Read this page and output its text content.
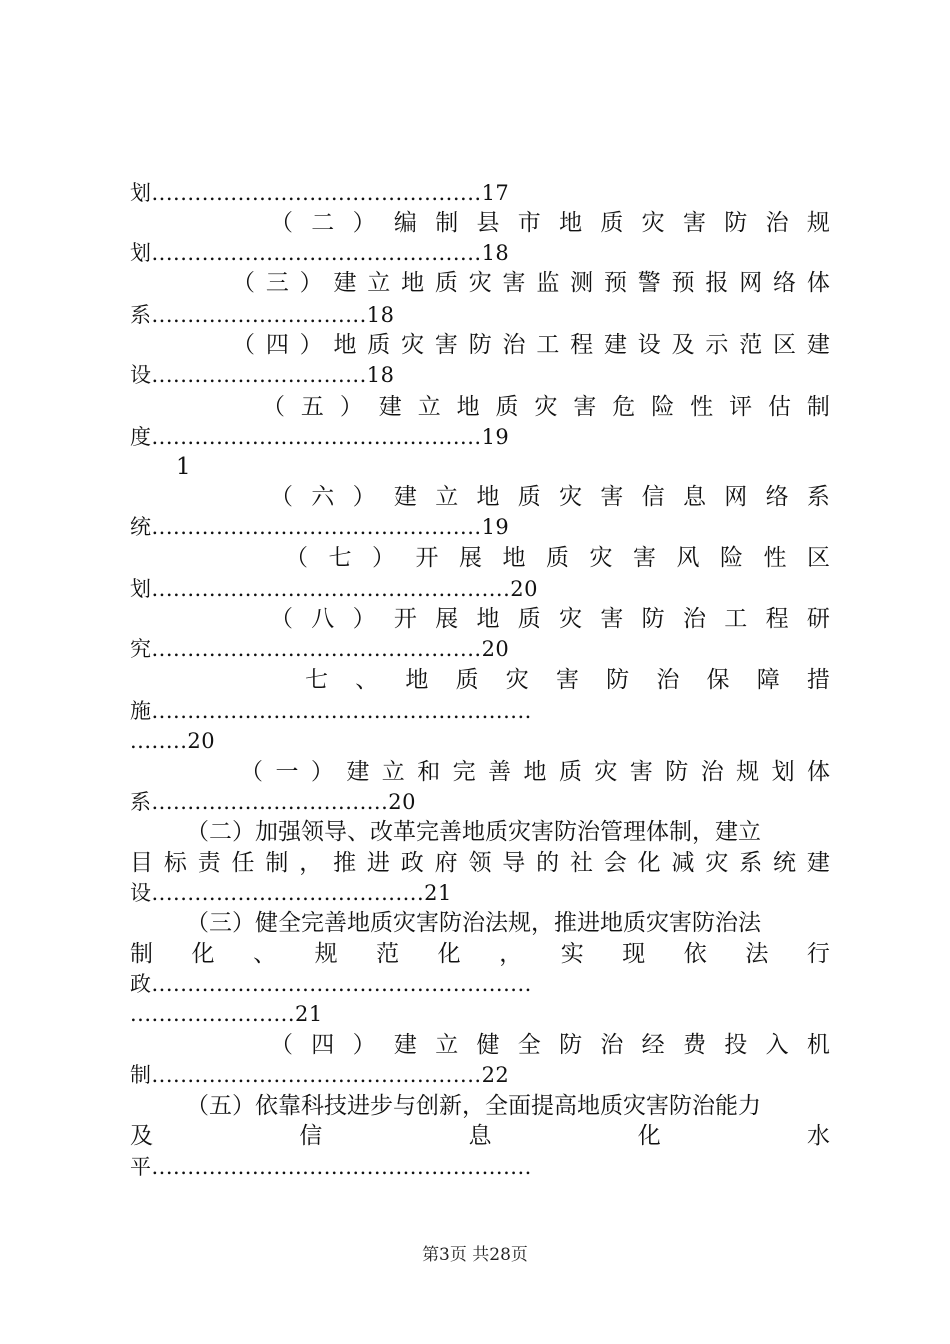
划..............................................17
（ 二 ） 编 制 县 市 地 质 灾 害 防 治 规
划..............................................18
（ 三 ） 建 立 地 质 灾 害 监 测 预 警 预 报 网 络 体
系..............................18
（ 四 ） 地 质 灾 害 防 治 工 程 建 设 及 示 范 区 建
设..............................18
（ 五 ） 建 立 地 质 灾 害 危 险 性 评 估 制
度..............................................19
1
（ 六 ） 建 立 地 质 灾 害 信 息 网 络 系
统..............................................19
（ 七 ） 开 展 地 质 灾 害 风 险 性 区
划..................................................20
（ 八 ） 开 展 地 质 灾 害 防 治 工 程 研
究..............................................20
七 、 地 质 灾 害 防 治 保 障 措
施.....................................................
........20
（ 一 ） 建 立 和 完 善 地 质 灾 害 防 治 规 划 体
系.................................20
（二）加强领导、改革完善地质灾害防治管理体制，建立
目 标 责 任 制 ， 推 进 政 府 领 导 的 社 会 化 减 灾 系 统 建
设......................................21
（三）健全完善地质灾害防治法规，推进地质灾害防治法
制 化 、 规 范 化 ， 实 现 依 法 行
政.....................................................
.......................21
（ 四 ） 建 立 健 全 防 治 经 费 投 入 机
制..............................................22
（五）依靠科技进步与创新，全面提高地质灾害防治能力
及	信	息	化	水
平.....................................................
第3页 共28页
